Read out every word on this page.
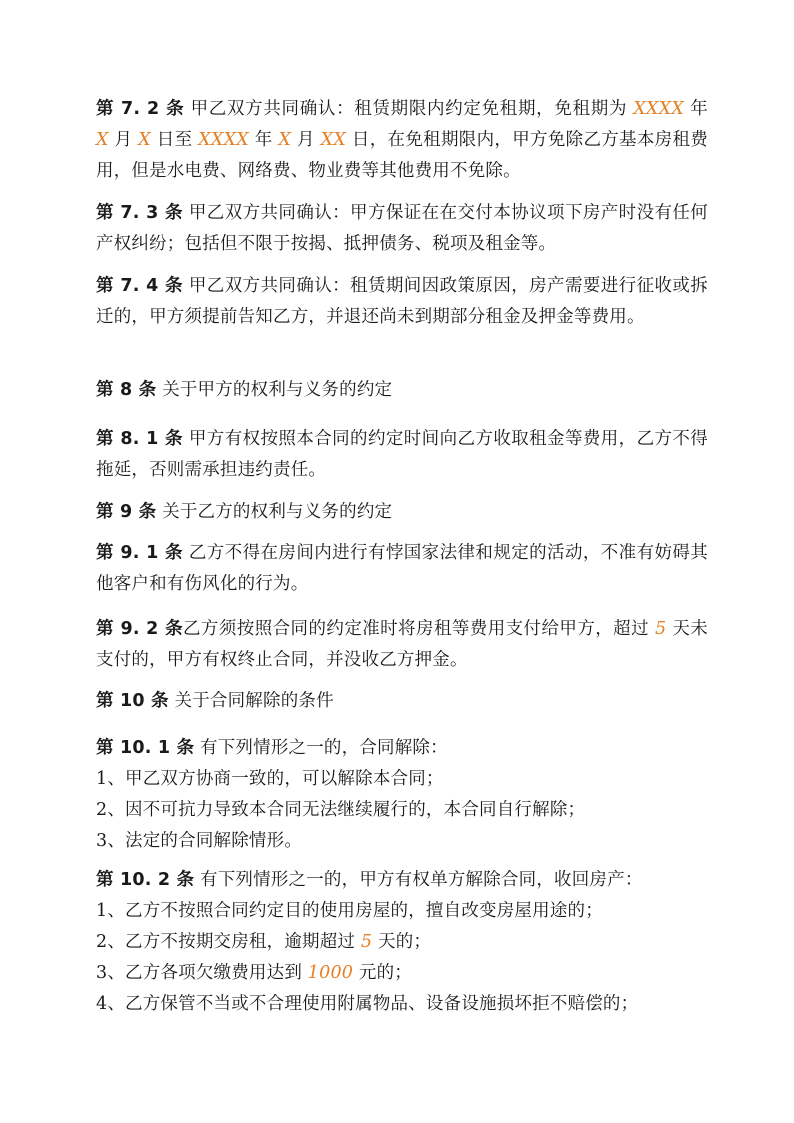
第 7. 2 条 甲乙双方共同确认：租赁期限内约定免租期，免租期为 XXXX 年 X 月 X 日至 XXXX 年 X 月 XX 日，在免租期限内，甲方免除乙方基本房租费用，但是水电费、网络费、物业费等其他费用不免除。
第 7. 3 条 甲乙双方共同确认：甲方保证在在交付本协议项下房产时没有任何产权纠纷；包括但不限于按揭、抵押债务、税项及租金等。
第 7. 4 条 甲乙双方共同确认：租赁期间因政策原因，房产需要进行征收或拆迁的，甲方须提前告知乙方，并退还尚未到期部分租金及押金等费用。
第 8 条 关于甲方的权利与义务的约定
第 8. 1 条 甲方有权按照本合同的约定时间向乙方收取租金等费用，乙方不得拖延，否则需承担违约责任。
第 9 条 关于乙方的权利与义务的约定
第 9. 1 条 乙方不得在房间内进行有悖国家法律和规定的活动，不准有妨碍其他客户和有伤风化的行为。
第 9. 2 条乙方须按照合同的约定准时将房租等费用支付给甲方，超过 5 天未支付的，甲方有权终止合同，并没收乙方押金。
第 10 条 关于合同解除的条件
第 10. 1 条 有下列情形之一的，合同解除：
1、甲乙双方协商一致的，可以解除本合同；
2、因不可抗力导致本合同无法继续履行的，本合同自行解除；
3、法定的合同解除情形。
第 10. 2 条 有下列情形之一的，甲方有权单方解除合同，收回房产：
1、乙方不按照合同约定目的使用房屋的，擅自改变房屋用途的；
2、乙方不按期交房租，逾期超过 5 天的；
3、乙方各项欠缴费用达到 1000 元的；
4、乙方保管不当或不合理使用附属物品、设备设施损坏拒不赔偿的；
